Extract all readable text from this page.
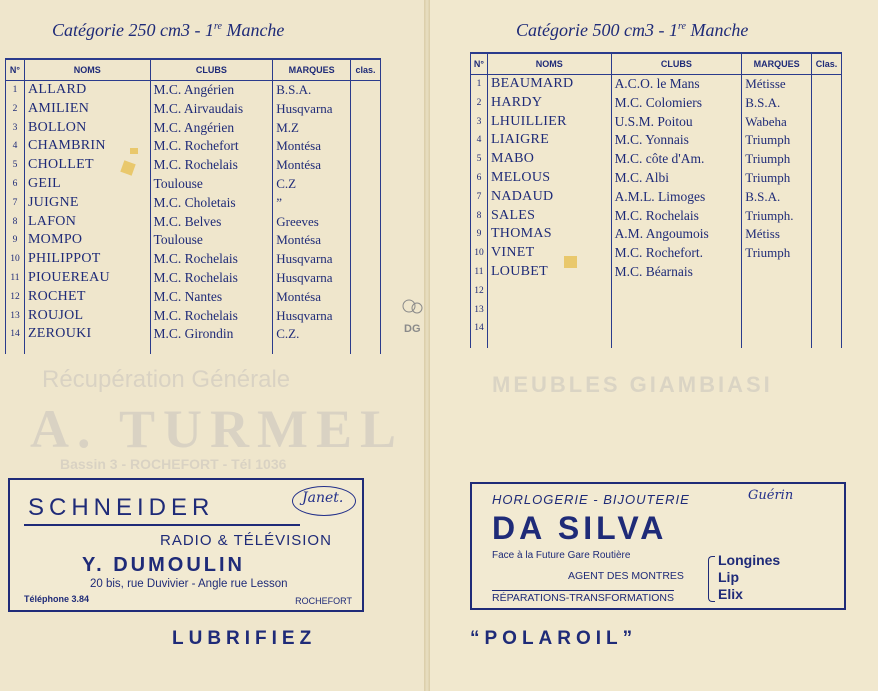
Récupération Générale
A. TURMEL
Bassin 3 - ROCHEFORT - Tél 1036
Catégorie 250 cm3 - 1re Manche
N°	NOMS	CLUBS	MARQUES	clas.
1	ALLARD	M.C. Angérien	B.S.A.	
2	AMILIEN	M.C. Airvaudais	Husqvarna	
3	BOLLON	M.C. Angérien	M.Z	
4	CHAMBRIN	M.C. Rochefort	Montésa	
5	CHOLLET	M.C. Rochelais	Montésa	
6	GEIL	Toulouse	C.Z	
7	JUIGNE	M.C. Choletais	”	
8	LAFON	M.C. Belves	Greeves	
9	MOMPO	Toulouse	Montésa	
10	PHILIPPOT	M.C. Rochelais	Husqvarna	
11	PIOUEREAU	M.C. Rochelais	Husqvarna	
12	ROCHET	M.C. Nantes	Montésa	
13	ROUJOL	M.C. Rochelais	Husqvarna	
14	ZEROUKI	M.C. Girondin	C.Z.	

SCHNEIDER	Janet.
RADIO & TÉLÉVISION
Y. DUMOULIN
20 bis, rue Duvivier - Angle rue Lesson
Téléphone 3.84	ROCHEFORT
LUBRIFIEZ
DG
MEUBLES GIAMBIASI
Catégorie 500 cm3 - 1re Manche
N°	NOMS	CLUBS	MARQUES	Clas.
1	BEAUMARD	A.C.O. le Mans	Métisse	
2	HARDY	M.C. Colomiers	B.S.A.	
3	LHUILLIER	U.S.M. Poitou	Wabeha	
4	LIAIGRE	M.C. Yonnais	Triumph	
5	MABO	M.C. côte d'Am.	Triumph	
6	MELOUS	M.C. Albi	Triumph	
7	NADAUD	A.M.L. Limoges	B.S.A.	
8	SALES	M.C. Rochelais	Triumph.	
9	THOMAS	A.M. Angoumois	Métiss	
10	VINET	M.C. Rochefort.	Triumph	
11	LOUBET	M.C. Béarnais		
12				
13				
14				

HORLOGERIE - BIJOUTERIE	Guérin
DA SILVA
Face à la Future Gare Routière
AGENT DES MONTRES
RÉPARATIONS-TRANSFORMATIONS
Longines
Lip
Elix
“POLAROIL”
